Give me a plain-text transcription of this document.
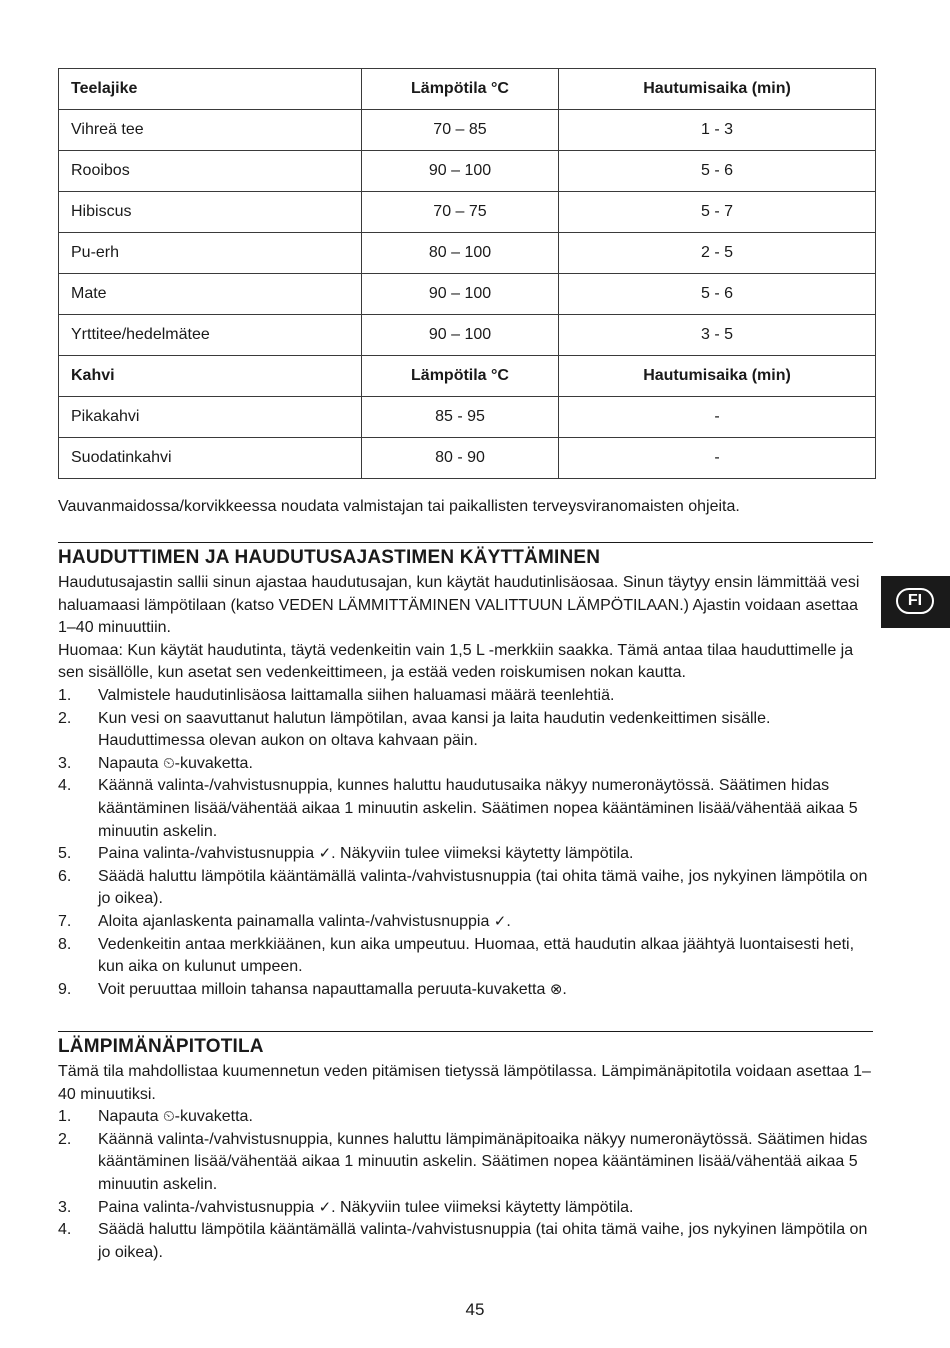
Teelajike	Lämpötila °C	Hautumisaika (min)
Vihreä tee	70 – 85	1 - 3
Rooibos	90 – 100	5 - 6
Hibiscus	70 – 75	5 - 7
Pu-erh	80 – 100	2 - 5
Mate	90 – 100	5 - 6
Yrttitee/hedelmätee	90 – 100	3 - 5
Kahvi	Lämpötila °C	Hautumisaika (min)
Pikakahvi	85 - 95	-
Suodatinkahvi	80 - 90	-
Vauvanmaidossa/korvikkeessa noudata valmistajan tai paikallisten terveysviranomaisten ohjeita.
HAUDUTTIMEN JA HAUDUTUSAJASTIMEN KÄYTTÄMINEN

Haudutusajastin sallii sinun ajastaa haudutusajan, kun käytät haudutinlisäosaa. Sinun täytyy ensin lämmittää vesi haluamaasi lämpötilaan (katso VEDEN LÄMMITTÄMINEN VALITTUUN LÄMPÖTILAAN.) Ajastin voidaan asettaa 1–40 minuuttiin.

Huomaa: Kun käytät haudutinta, täytä vedenkeitin vain 1,5 L -merkkiin saakka. Tämä antaa tilaa hauduttimelle ja sen sisällölle, kun asetat sen vedenkeittimeen, ja estää veden roiskumisen nokan kautta.

1. Valmistele haudutinlisäosa laittamalla siihen haluamasi määrä teenlehtiä.
2. Kun vesi on saavuttanut halutun lämpötilan, avaa kansi ja laita haudutin vedenkeittimen sisälle. Hauduttimessa olevan aukon on oltava kahvaan päin.
3. Napauta ⏲-kuvaketta.
4. Käännä valinta-/vahvistusnuppia, kunnes haluttu haudutusaika näkyy numeronäytössä. Säätimen hidas kääntäminen lisää/vähentää aikaa 1 minuutin askelin. Säätimen nopea kääntäminen lisää/vähentää aikaa 5 minuutin askelin.
5. Paina valinta-/vahvistusnuppia ✓. Näkyviin tulee viimeksi käytetty lämpötila.
6. Säädä haluttu lämpötila kääntämällä valinta-/vahvistusnuppia (tai ohita tämä vaihe, jos nykyinen lämpötila on jo oikea).
7. Aloita ajanlaskenta painamalla valinta-/vahvistusnuppia ✓.
8. Vedenkeitin antaa merkkiäänen, kun aika umpeutuu. Huomaa, että haudutin alkaa jäähtyä luontaisesti heti, kun aika on kulunut umpeen.
9. Voit peruuttaa milloin tahansa napauttamalla peruuta-kuvaketta ⊗.
LÄMPIMÄNÄPITOTILA

Tämä tila mahdollistaa kuumennetun veden pitämisen tietyssä lämpötilassa. Lämpimänäpitotila voidaan asettaa 1–40 minuutiksi.

1. Napauta ⏲-kuvaketta.
2. Käännä valinta-/vahvistusnuppia, kunnes haluttu lämpimänäpitoaika näkyy numeronäytössä. Säätimen hidas kääntäminen lisää/vähentää aikaa 1 minuutin askelin. Säätimen nopea kääntäminen lisää/vähentää aikaa 5 minuutin askelin.
3. Paina valinta-/vahvistusnuppia ✓. Näkyviin tulee viimeksi käytetty lämpötila.
4. Säädä haluttu lämpötila kääntämällä valinta-/vahvistusnuppia (tai ohita tämä vaihe, jos nykyinen lämpötila on jo oikea).
FI
45
